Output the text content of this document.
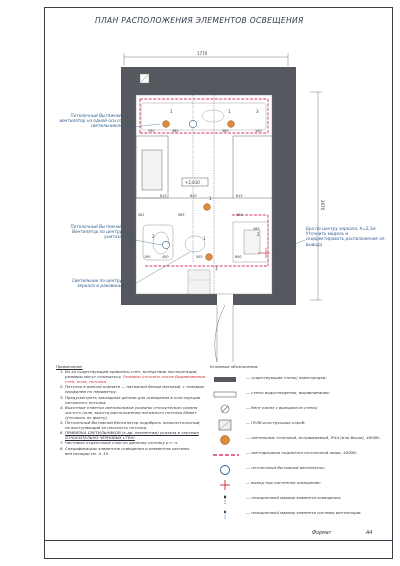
ПЛАН РАСПОЛОЖЕНИЯ ЭЛЕМЕНТОВ ОСВЕЩЕНИЯ
1770
2670
+2,810
290	380	360	100
815	810	615
281	565	400
190	450	505	800
265
1	1	3
1
1
2
1
2
Потолочный Вытяжной вентилятор на одной оси со светильником
Потолочный Вытяжной Вентилятор по центру унитаза
Светильник по центру зеркала и раковины
Бра по центру зеркала, h=2,1м. Уточнить модель и скорректировать расположение эл. вывода
Примечание:
1. Из-за существующей кривизны стен, вследствии эксплуатации, размеры могут отличаться. Размеры уточнять после Выравнивания стен, пола, потолка.
2. Потолок в ванной комнате — натяжной белый матовый, с теневым профилем по периметру.
3. Предусмотреть закладные детали для освещения в конструкции натяжного потолка.
4. Высотные отметки светильников указаны относительно уровня чистого пола, высота расположения натяжного потолка 80мм+ (уточнить по факту).
5. Потолочный Вытяжной Вентилятор подобрать низкопотолочный, не выступающий за плоскость потолка.
6. ПРИВЯЗКА СВЕТИЛЬНИКОВ (к др. элементам) указана в чертеже ОТНОСИТЕЛЬНО ЧЕРНОВЫХ СТЕН!
7. Чистовые отделочные слои по данному потолку и т. п.
8. Спецификацию элементов освещения и элементов системы вентиляции см. л. 10
Условные обозначения:
— существующие стены/ перегородки;
— стены водоотведения, выравнивания;
— Вент канал с выводом из стены;
— ГКЛВ-конструкции/ короб;
— светильник точечный, встраиваемый, IP44 (или Выше), 4000К;
— светодиодная подсветка потолочной ниши, 4000К;
— потолочный Вытяжной вентилятор;
— вывод под настенное освещение;
— позиционный маркер элемента освещения;
— позиционный маркер элемента системы вентиляции.
Формат	А4
